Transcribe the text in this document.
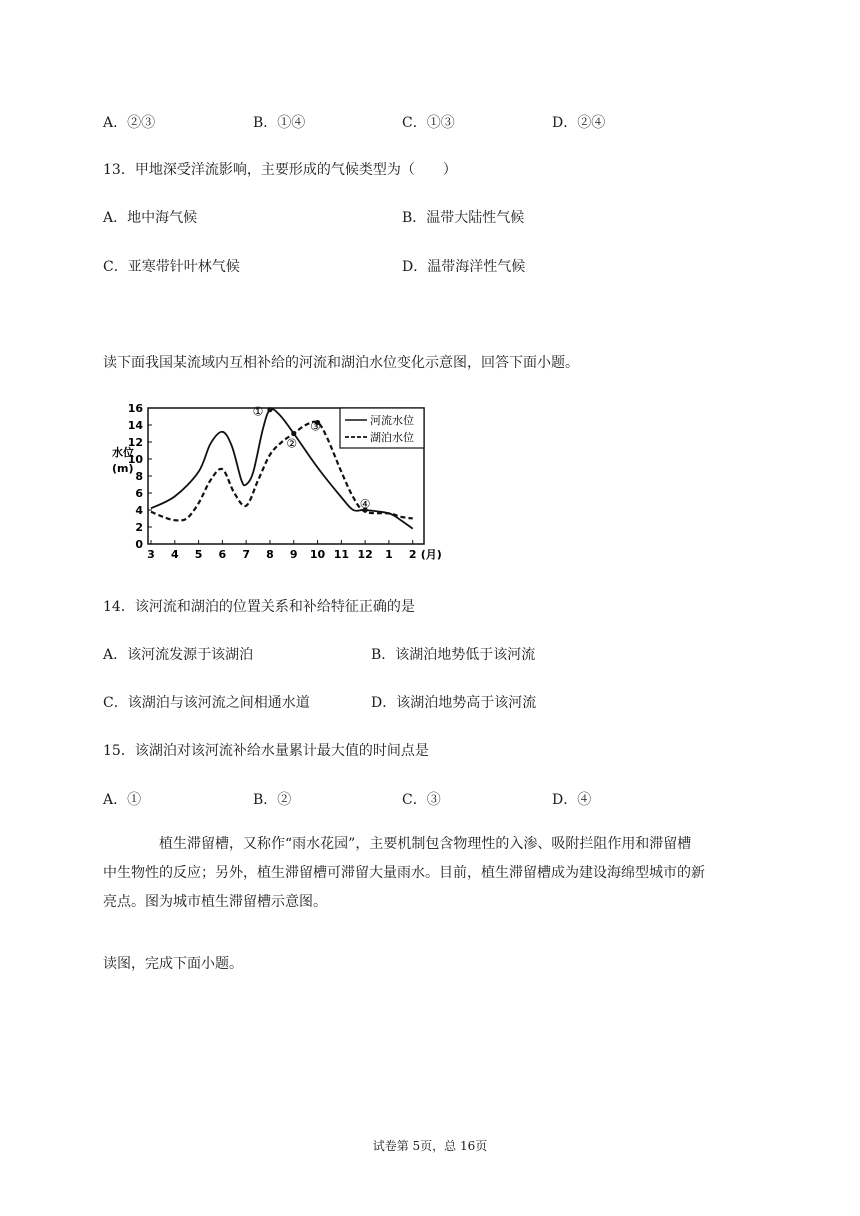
A．②③	B．①④	C．①③	D．②④
13．甲地深受洋流影响，主要形成的气候类型为（　　）
A．地中海气候	B．温带大陆性气候
C．亚寒带针叶林气候	D．温带海洋性气候
读下面我国某流域内互相补给的河流和湖泊水位变化示意图，回答下面小题。
0
2
4
6
8
10
12
14
16
3 4 5 6 7 8 9 10 11 12 1 2 (月)
水位
(m)
①
②
③
④
河流水位
湖泊水位
14．该河流和湖泊的位置关系和补给特征正确的是
A．该河流发源于该湖泊	B．该湖泊地势低于该河流
C．该湖泊与该河流之间相通水道	D．该湖泊地势高于该河流
15．该湖泊对该河流补给水量累计最大值的时间点是
A．①	B．②	C．③	D．④
植生滞留槽，又称作“雨水花园”，主要机制包含物理性的入渗、吸附拦阻作用和滞留槽
中生物性的反应；另外，植生滞留槽可滞留大量雨水。目前，植生滞留槽成为建设海绵型城市的新
亮点。图为城市植生滞留槽示意图。
读图，完成下面小题。
试卷第 5页，总 16页
